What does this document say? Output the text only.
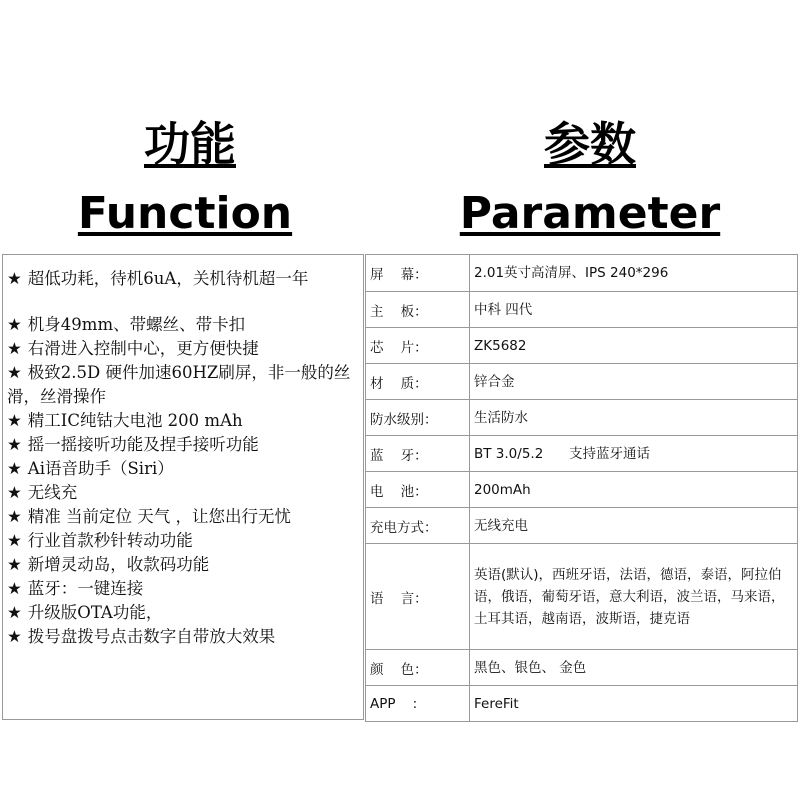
功能
Function
参数
Parameter
★ 超低功耗，待机6uA，关机待机超一年
★ 机身49mm、带螺丝、带卡扣
★ 右滑进入控制中心，更方便快捷
★ 极致2.5D 硬件加速60HZ刷屏，非一般的丝滑，丝滑操作
★ 精工IC纯钴大电池 200 mAh
★ 摇一摇接听功能及捏手接听功能
★ Ai语音助手（Siri）
★ 无线充
★ 精准 当前定位 天气 ，让您出行无忧
★ 行业首款秒针转动功能
★ 新增灵动岛，收款码功能
★ 蓝牙：一键连接
★ 升级版OTA功能，
★ 拨号盘拨号点击数字自带放大效果
屏    幕：	2.01英寸高清屏、IPS 240*296
主    板：	中科 四代
芯    片：	ZK5682
材    质：	锌合金
防水级别：	生活防水
蓝    牙：	BT 3.0/5.2      支持蓝牙通话
电    池：	200mAh
充电方式：	无线充电
语    言：	英语(默认)，西班牙语，法语，德语，泰语，阿拉伯语，俄语，葡萄牙语，意大利语，波兰语，马来语，土耳其语，越南语，波斯语，捷克语
颜    色：	黑色、银色、 金色
APP    :	FereFit
